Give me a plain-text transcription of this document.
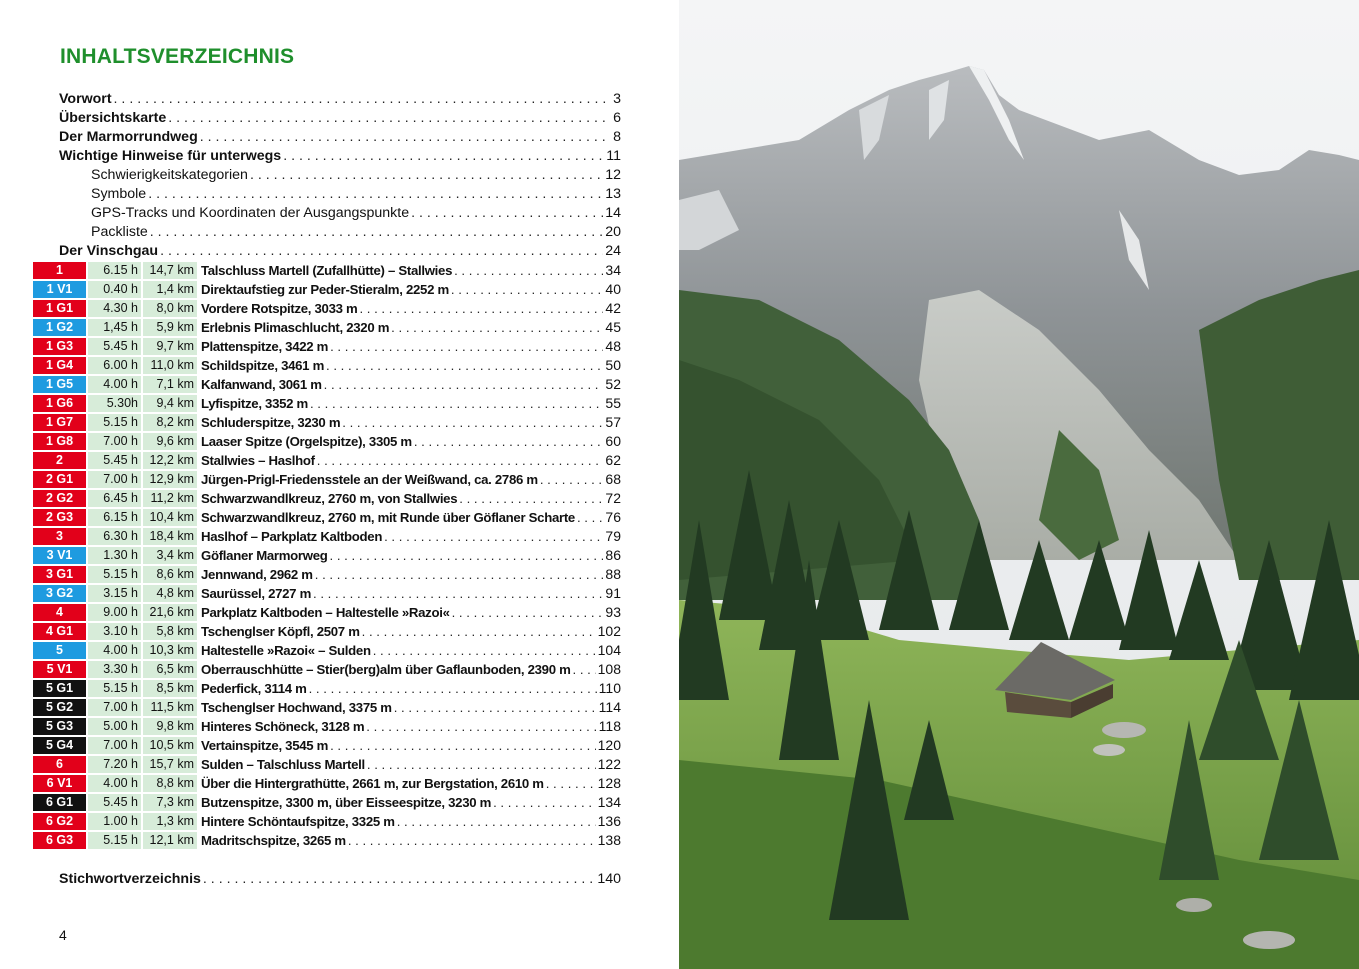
INHALTSVERZEICHNIS
Vorwort . . .	3
Übersichtskarte . . .	6
Der Marmorrundweg . . .	8
Wichtige Hinweise für unterwegs . . .	11
Schwierigkeitskategorien . . .	12
Symbole . . .	13
GPS-Tracks und Koordinaten der Ausgangspunkte . . .	14
Packliste . . .	20
Der Vinschgau . . .	24
1	6.15 h 14,7 km Talschluss Martell (Zufallhütte) – Stallwies . . .	34
1 V1	0.40 h	1,4 km Direktaufstieg zur Peder-Stieralm, 2252 m . . .	40
1 G1	4.30 h	8,0 km Vordere Rotspitze, 3033 m . . .	42
1 G2	1,45 h	5,9 km Erlebnis Plimaschlucht, 2320 m . . .	45
1 G3	5.45 h	9,7 km Plattenspitze, 3422 m . . .	48
1 G4	6.00 h 11,0 km Schildspitze, 3461 m . . .	50
1 G5	4.00 h	7,1 km Kalfanwand, 3061 m . . .	52
1 G6	5.30h	9,4 km Lyfispitze, 3352 m . . .	55
1 G7	5.15 h	8,2 km Schluderspitze, 3230 m . . .	57
1 G8	7.00 h	9,6 km Laaser Spitze (Orgelspitze), 3305 m . . .	60
2	5.45 h 12,2 km Stallwies – Haslhof . . .	62
2 G1	7.00 h 12,9 km Jürgen-Prigl-Friedensstele an der Weißwand, ca. 2786 m . . .	68
2 G2	6.45 h 11,2 km Schwarzwandlkreuz, 2760 m, von Stallwies . . .	72
2 G3	6.15 h 10,4 km Schwarzwandlkreuz, 2760 m, mit Runde über Göflaner Scharte . . . 76
3	6.30 h 18,4 km Haslhof – Parkplatz Kaltboden . . .	79
3 V1	1.30 h	3,4 km Göflaner Marmorweg . . .	86
3 G1	5.15 h	8,6 km Jennwand, 2962 m . . .	88
3 G2	3.15 h	4,8 km Saurüssel, 2727 m . . .	91
4	9.00 h 21,6 km Parkplatz Kaltboden – Haltestelle »Razoi« . . .	93
4 G1	3.10 h	5,8 km Tschenglser Köpfl, 2507 m . . .	102
5	4.00 h 10,3 km Haltestelle »Razoi« – Sulden . . .	104
5 V1	3.30 h	6,5 km Oberrauschhütte – Stier(berg)alm über Gaflaunboden, 2390 m . . . 108
5 G1	5.15 h	8,5 km Pederfick, 3114 m . . .	110
5 G2	7.00 h 11,5 km Tschenglser Hochwand, 3375 m . . .	114
5 G3	5.00 h	9,8 km Hinteres Schöneck, 3128 m . . .	118
5 G4	7.00 h 10,5 km Vertainspitze, 3545 m . . .	120
6	7.20 h 15,7 km Sulden – Talschluss Martell . . .	122
6 V1	4.00 h	8,8 km Über die Hintergrathütte, 2661 m, zur Bergstation, 2610 m . . .	128
6 G1	5.45 h	7,3 km Butzenspitze, 3300 m, über Eisseespitze, 3230 m . . .	134
6 G2	1.00 h	1,3 km Hintere Schöntaufspitze, 3325 m . . .	136
6 G3	5.15 h 12,1 km Madritschspitze, 3265 m . . .	138
Stichwortverzeichnis . . .	140
4
